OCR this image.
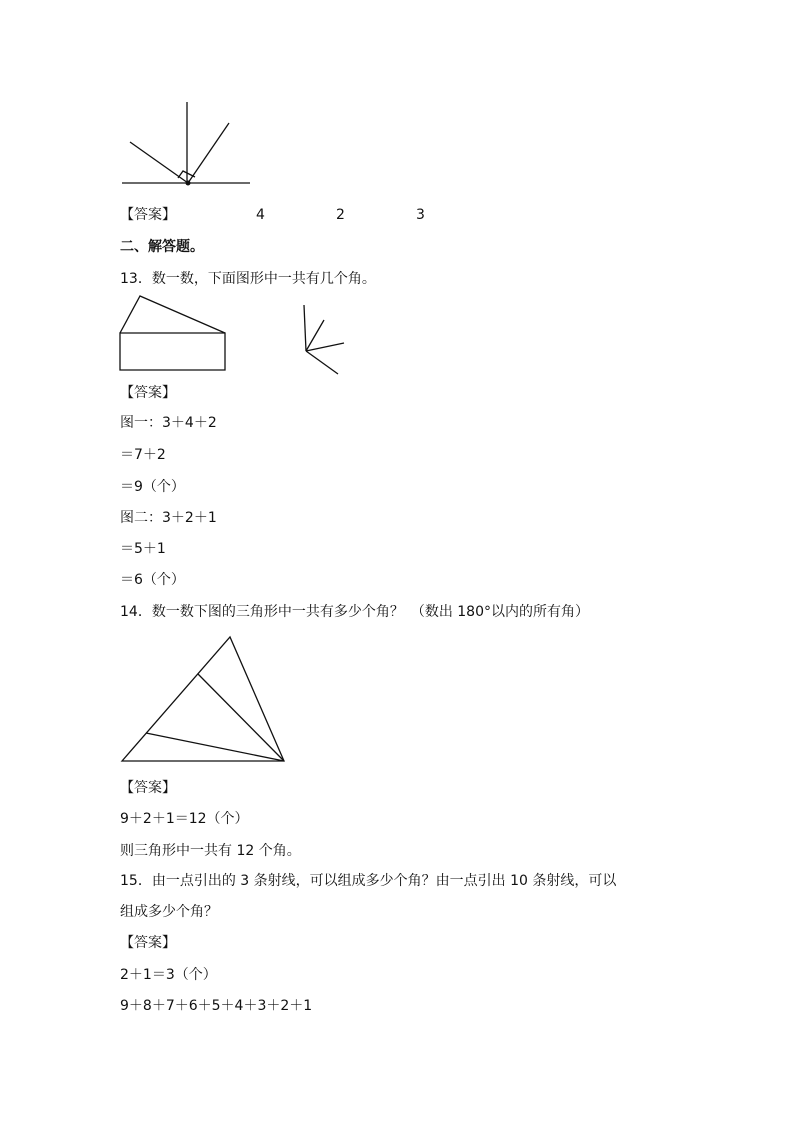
【答案】	4	2	3
二、解答题。
13．数一数，下面图形中一共有几个角。
【答案】
图一：3＋4＋2
＝7＋2
＝9（个）
图二：3＋2＋1
＝5＋1
＝6（个）
14．数一数下图的三角形中一共有多少个角？　（数出 180°以内的所有角）
【答案】
9＋2＋1＝12（个）
则三角形中一共有 12 个角。
15．由一点引出的 3 条射线，可以组成多少个角？由一点引出 10 条射线，可以
组成多少个角？
【答案】
2＋1＝3（个）
9＋8＋7＋6＋5＋4＋3＋2＋1
